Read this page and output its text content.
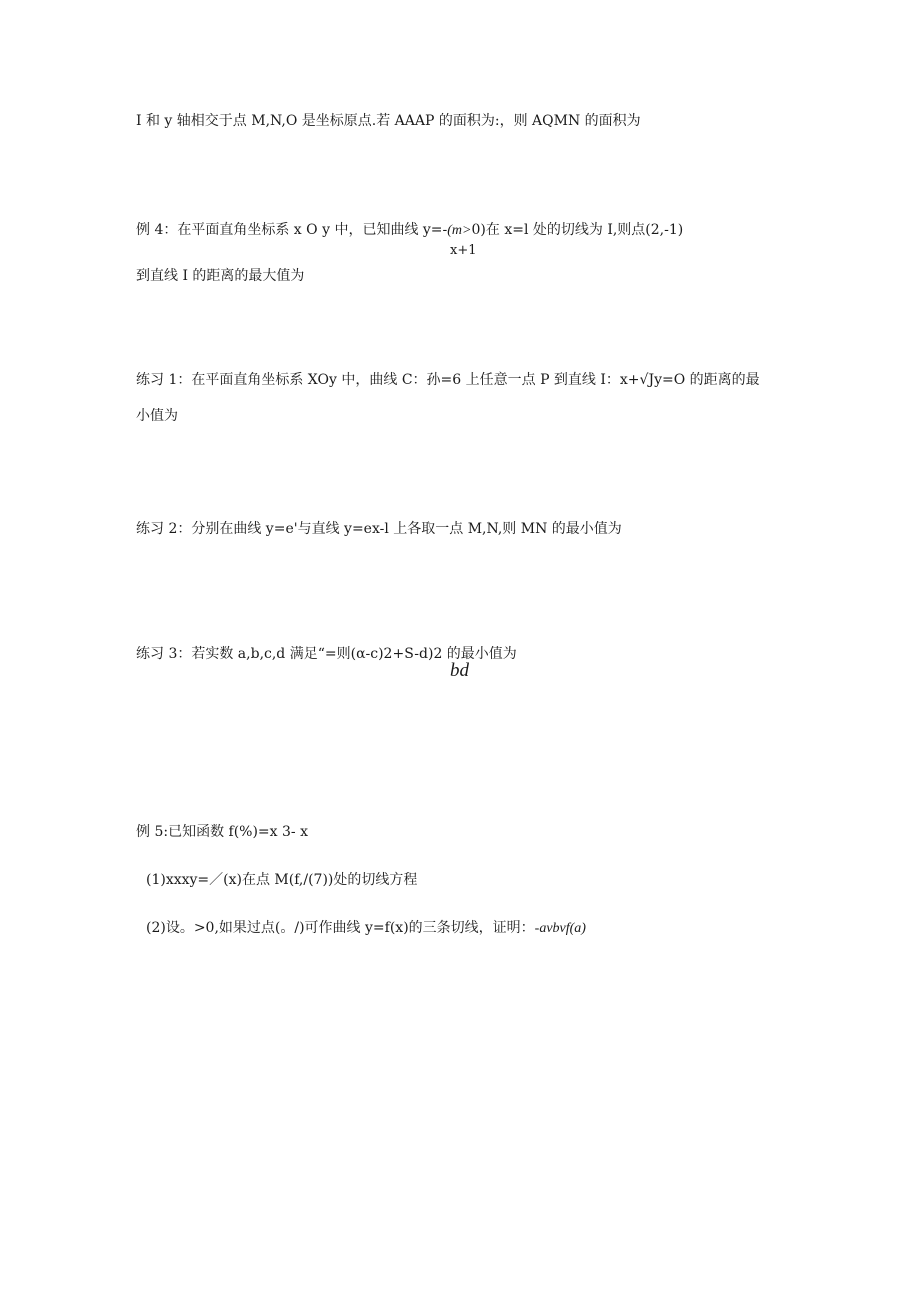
I 和 y 轴相交于点 M,N,O 是坐标原点.若 AAAP 的面积为:，则 AQMN 的面积为
例 4：在平面直角坐标系 x O y 中，已知曲线 y=-(m>0)在 x=l 处的切线为 I,则点(2,-1)
x+1
到直线 I 的距离的最大值为
练习 1：在平面直角坐标系 XOy 中，曲线 C：孙=6 上任意一点 P 到直线 I：x+√Jy=O 的距离的最
小值为
练习 2：分别在曲线 y=e'与直线 y=ex-l 上各取一点 M,N,则 MN 的最小值为
练习 3：若实数 a,b,c,d 满足“=则(α-c)2+S-d)2 的最小值为
bd
例 5:已知函数 f(%)=x 3- x
(1)xxxy=／(x)在点 M(f,/(7))处的切线方程
(2)设。>0,如果过点(。/)可作曲线 y=f(x)的三条切线，证明：-avbvf(a)
